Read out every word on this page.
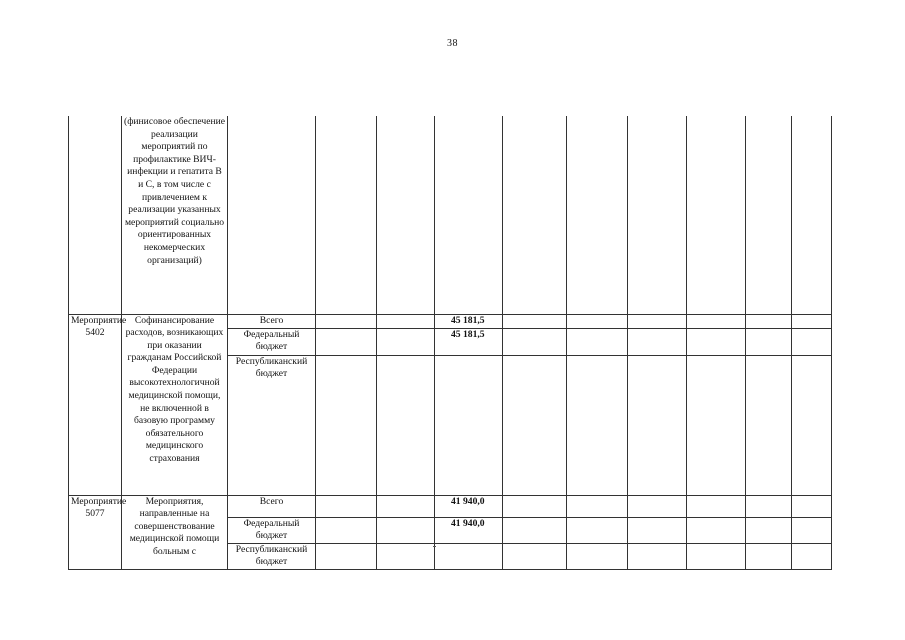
38
	(финисовое обеспечение реализации мероприятий по профилактике ВИЧ-инфекции и гепатита В и С, в том числе с привлечением к реализации указанных мероприятий социально ориентированных некомерческих организаций)										
Мероприятие 5402	Софинансирование расходов, возникающих при оказании гражданам Российской Федерации высокотехнологичной медицинской помощи, не включенной в базовую программу обязательного медицинского страхования	Всего			45 181,5						
		Федеральный бюджет			45 181,5						
		Республиканский бюджет									
Мероприятие 5077	Мероприятия, направленные на совершенствование медицинской помощи больным с	Всего			41 940,0						
		Федеральный бюджет			41 940,0						
		Республиканский бюджет									
